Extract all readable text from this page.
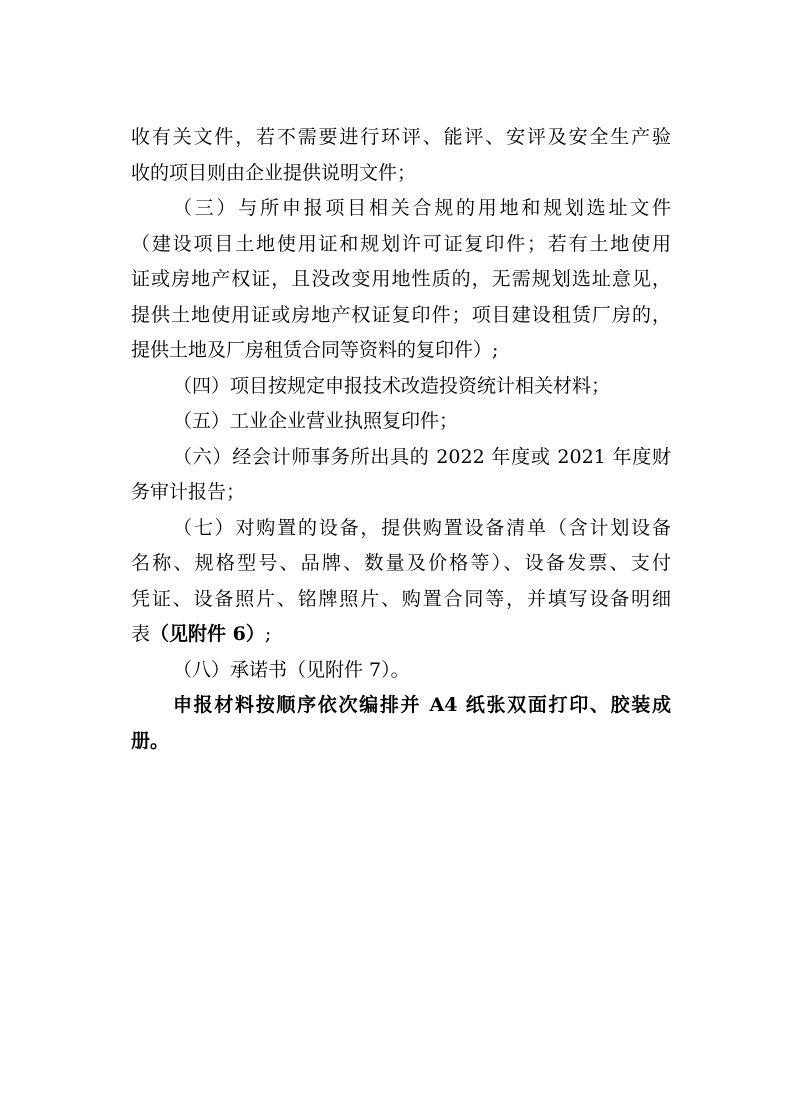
收有关文件，若不需要进行环评、能评、安评及安全生产验
收的项目则由企业提供说明文件；
（三）与所申报项目相关合规的用地和规划选址文件
（建设项目土地使用证和规划许可证复印件；若有土地使用
证或房地产权证，且没改变用地性质的，无需规划选址意见，
提供土地使用证或房地产权证复印件；项目建设租赁厂房的，
提供土地及厂房租赁合同等资料的复印件）;
（四）项目按规定申报技术改造投资统计相关材料；
（五）工业企业营业执照复印件；
（六）经会计师事务所出具的 2022 年度或 2021 年度财
务审计报告；
（七）对购置的设备，提供购置设备清单（含计划设备
名称、规格型号、品牌、数量及价格等）、设备发票、支付
凭证、设备照片、铭牌照片、购置合同等，并填写设备明细
表（见附件 6）;
（八）承诺书（见附件 7）。
申报材料按顺序依次编排并 A4 纸张双面打印、胶装成
册。
